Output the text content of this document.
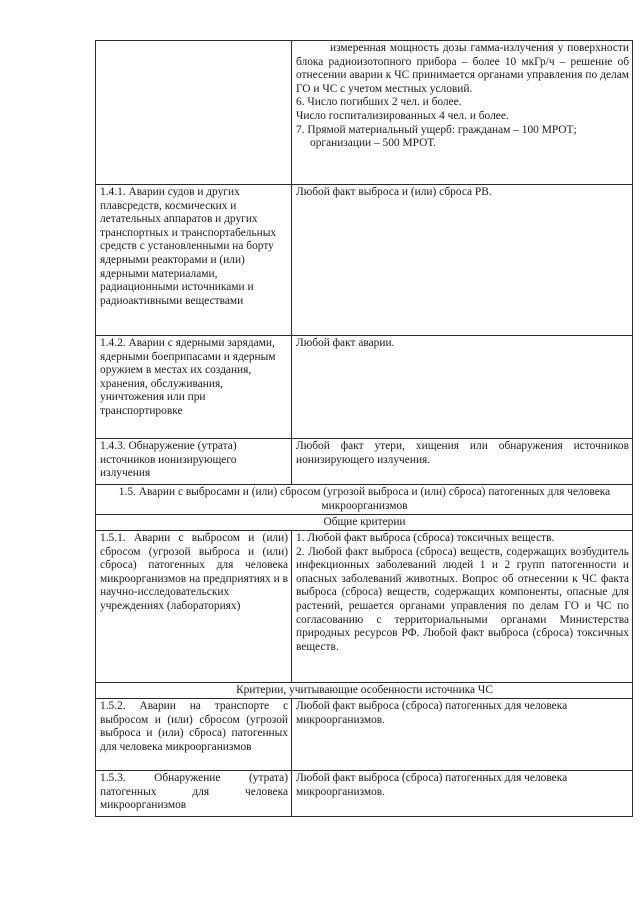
	измеренная мощность дозы гамма-излучения у поверхности блока радиоизотопного прибора – более 10 мкГр/ч – решение об отнесении аварии к ЧС принимается органами управления по делам ГО и ЧС с учетом местных условий.

6. Число погибших 2 чел. и более.

Число госпитализированных 4 чел. и более.

7. Прямой материальный ущерб: гражданам – 100 МРОТ;

организации – 500 МРОТ.

1.4.1. Аварии судов и других плавсредств, космических и летательных аппаратов и других транспортных и транспортабельных средств с установленными на борту ядерными реакторами и (или) ядерными материалами, радиационными источниками и радиоактивными веществами	Любой факт выброса и (или) сброса РВ.
1.4.2. Аварии с ядерными зарядами, ядерными боеприпасами и ядерным оружием в местах их создания, хранения, обслуживания, уничтожения или при транспортировке	Любой факт аварии.
1.4.3. Обнаружение (утрата) источников ионизирующего излучения	Любой факт утери, хищения или обнаружения источников ионизирующего излучения.
1.5. Аварии с выбросами и (или) сбросом (угрозой выброса и (или) сброса) патогенных для человека микроорганизмов	
Общие критерии	
1.5.1. Аварии с выбросом и (или) сбросом (угрозой выброса и (или) сброса) патогенных для человека микроорганизмов на предприятиях и в научно-исследовательских учреждениях (лабораториях)	1. Любой факт выброса (сброса) токсичных веществ.

2. Любой факт выброса (сброса) веществ, содержащих возбудитель инфекционных заболеваний людей 1 и 2 групп патогенности и опасных заболеваний животных. Вопрос об отнесении к ЧС факта выброса (сброса) веществ, содержащих компоненты, опасные для растений, решается органами управления по делам ГО и ЧС по согласованию с территориальными органами Министерства природных ресурсов РФ. Любой факт выброса (сброса) токсичных веществ.

Критерии, учитывающие особенности источника ЧС	
1.5.2. Аварии на транспорте с выбросом и (или) сбросом (угрозой выброса и (или) сброса) патогенных для человека микроорганизмов	Любой факт выброса (сброса) патогенных для человека микроорганизмов.
1.5.3. Обнаружение (утрата) патогенных для человека микроорганизмов	Любой факт выброса (сброса) патогенных для человека микроорганизмов.
